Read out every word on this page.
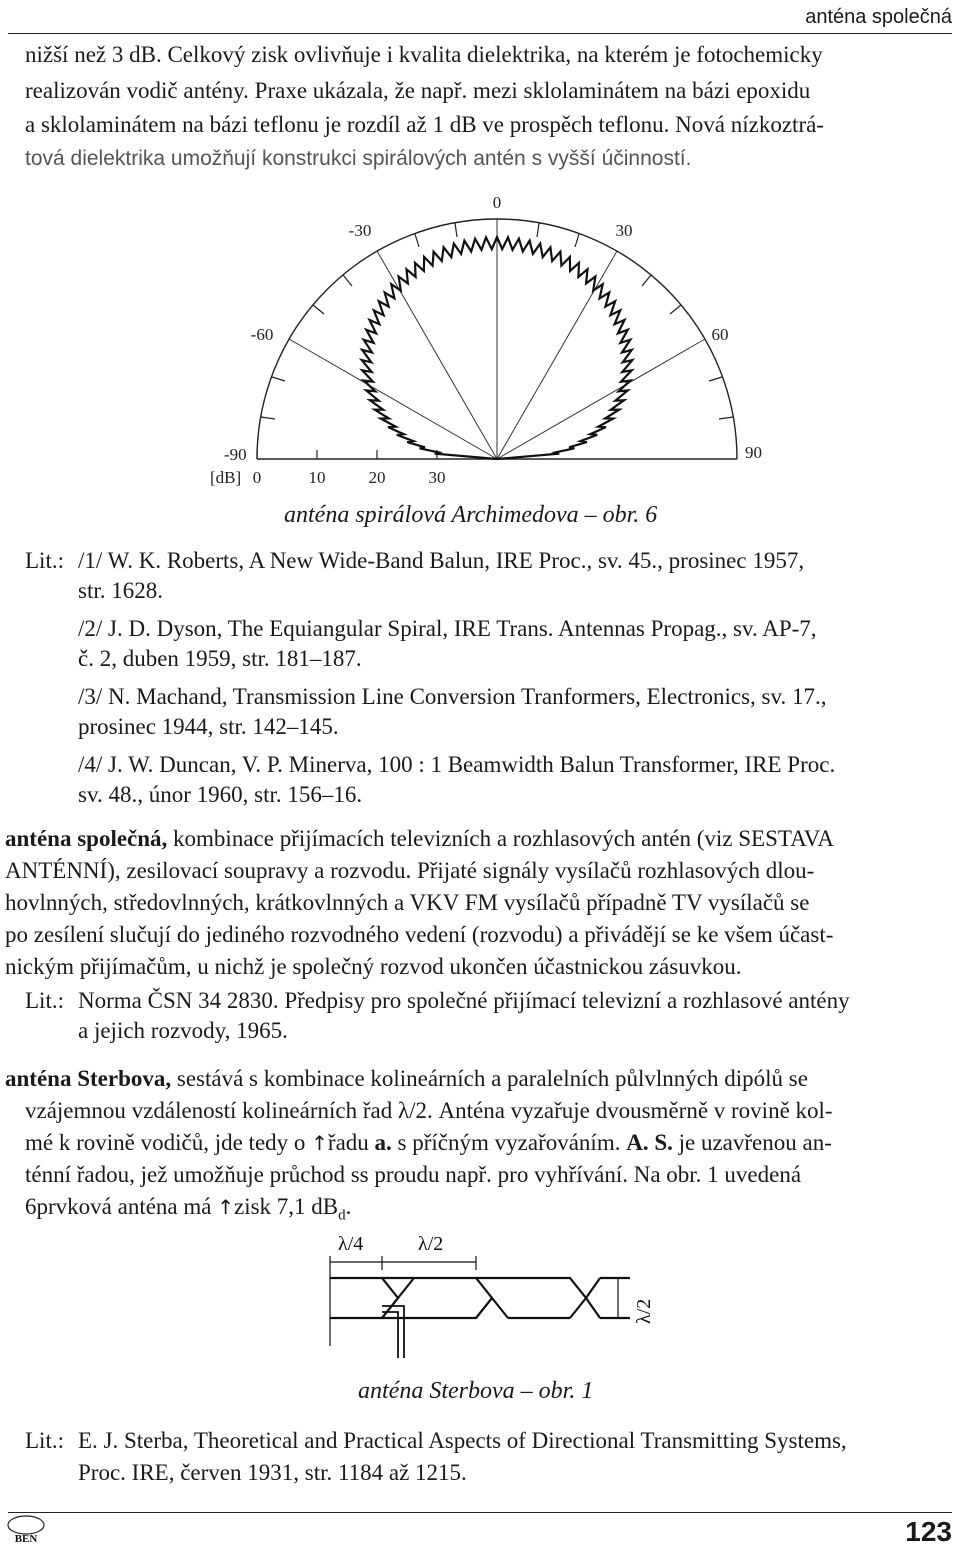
anténa společná
nižší než 3 dB. Celkový zisk ovlivňuje i kvalita dielektrika, na kterém je fotochemicky
realizován vodič antény. Praxe ukázala, že např. mezi sklolaminátem na bázi epoxidu
a sklolaminátem na bázi teflonu je rozdíl až 1 dB ve prospěch teflonu. Nová nízkoztrá-
tová dielektrika umožňují konstrukci spirálových antén s vyšší účinností.
0
-30	30
-60	60
-90	90
[dB] 0	10	20	30
anténa spirálová Archimedova – obr. 6
Lit.: /1/ W. K. Roberts, A New Wide-Band Balun, IRE Proc., sv. 45., prosinec 1957,
str. 1628.
/2/ J. D. Dyson, The Equiangular Spiral, IRE Trans. Antennas Propag., sv. AP-7,
č. 2, duben 1959, str. 181–187.
/3/ N. Machand, Transmission Line Conversion Tranformers, Electronics, sv. 17.,
prosinec 1944, str. 142–145.
/4/ J. W. Duncan, V. P. Minerva, 100 : 1 Beamwidth Balun Transformer, IRE Proc.
sv. 48., únor 1960, str. 156–16.
anténa společná, kombinace přijímacích televizních a rozhlasových antén (viz SESTAVA
ANTÉNNÍ), zesilovací soupravy a rozvodu. Přijaté signály vysílačů rozhlasových dlou-
hovlnných, středovlnných, krátkovlnných a VKV FM vysílačů případně TV vysílačů se
po zesílení slučují do jediného rozvodného vedení (rozvodu) a přivádějí se ke všem účast-
nickým přijímačům, u nichž je společný rozvod ukončen účastnickou zásuvkou.
Lit.: Norma ČSN 34 2830. Předpisy pro společné přijímací televizní a rozhlasové antény
a jejich rozvody, 1965.
anténa Sterbova, sestává s kombinace kolineárních a paralelních půlvlnných dipólů se
vzájemnou vzdáleností kolineárních řad λ/2. Anténa vyzařuje dvousměrně v rovině kol-
mé k rovině vodičů, jde tedy o ↑řadu a. s příčným vyzařováním. A. S. je uzavřenou an-
ténní řadou, jež umožňuje průchod ss proudu např. pro vyhřívání. Na obr. 1 uvedená
6prvková anténa má ↑zisk 7,1 $dB_d$.
λ/4	λ/2
λ/2
anténa Sterbova – obr. 1
Lit.: E. J. Sterba, Theoretical and Practical Aspects of Directional Transmitting Systems,
Proc. IRE, červen 1931, str. 1184 až 1215.
BEN	123
